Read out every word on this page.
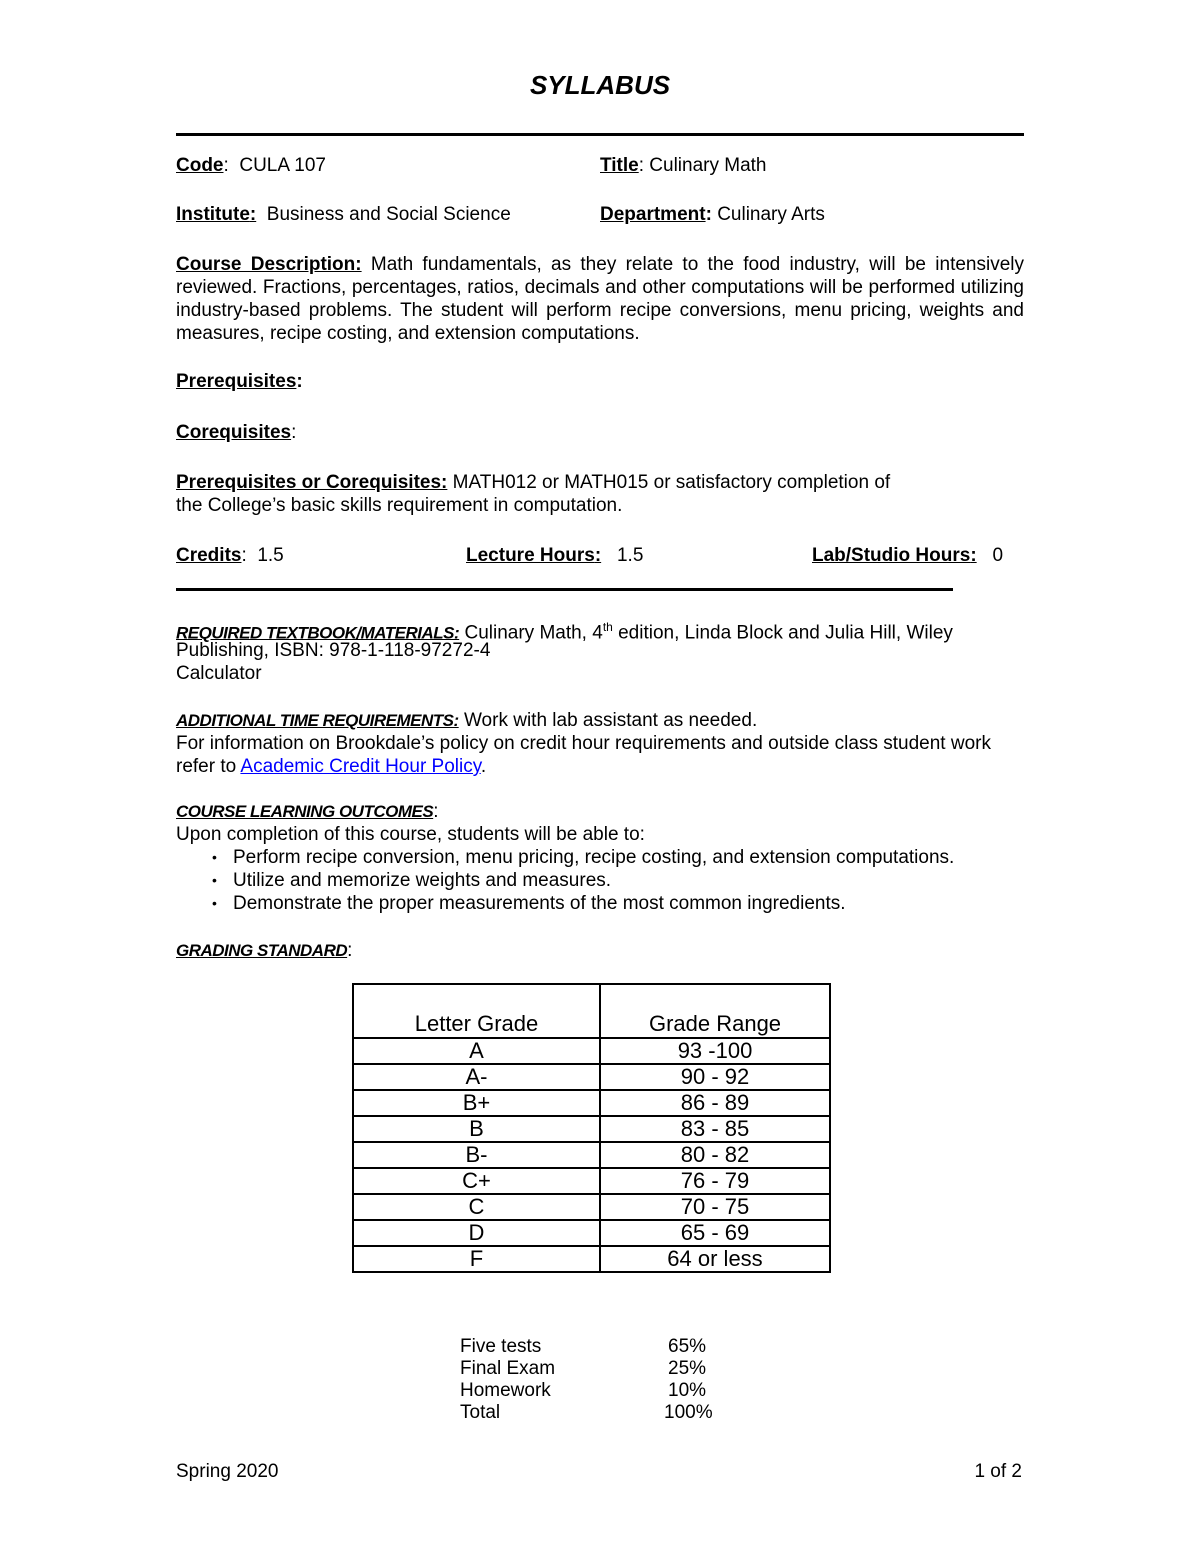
SYLLABUS
Code:  CULA 107	Title: Culinary Math
Institute: Business and Social Science	Department: Culinary Arts

Course Description: Math fundamentals, as they relate to the food industry, will be intensively reviewed. Fractions, percentages, ratios, decimals and other computations will be performed utilizing industry-based problems. The student will perform recipe conversions, menu pricing, weights and measures, recipe costing, and extension computations.

Prerequisites:
Corequisites:
Prerequisites or Corequisites: MATH012 or MATH015 or satisfactory completion of
the College’s basic skills requirement in computation.
Credits:  1.5	Lecture Hours: 1.5	Lab/Studio Hours: 0
REQUIRED TEXTBOOK/MATERIALS: Culinary Math, 4th edition, Linda Block and Julia Hill, Wiley
Publishing, ISBN: 978-1-118-97272-4
Calculator
ADDITIONAL TIME REQUIREMENTS: Work with lab assistant as needed.
For information on Brookdale’s policy on credit hour requirements and outside class student work
refer to Academic Credit Hour Policy.
COURSE LEARNING OUTCOMES:
Upon completion of this course, students will be able to:
• Perform recipe conversion, menu pricing, recipe costing, and extension computations.
• Utilize and memorize weights and measures.
• Demonstrate the proper measurements of the most common ingredients.
GRADING STANDARD:
Letter Grade	Grade Range
A	93 -100
A-	90 - 92
B+	86 - 89
B	83 - 85
B-	80 - 82
C+	76 - 79
C	70 - 75
D	65 - 69
F	64 or less
Five tests	65%
Final Exam	25%
Homework	10%
Total	100%
Spring 2020	1 of 2
